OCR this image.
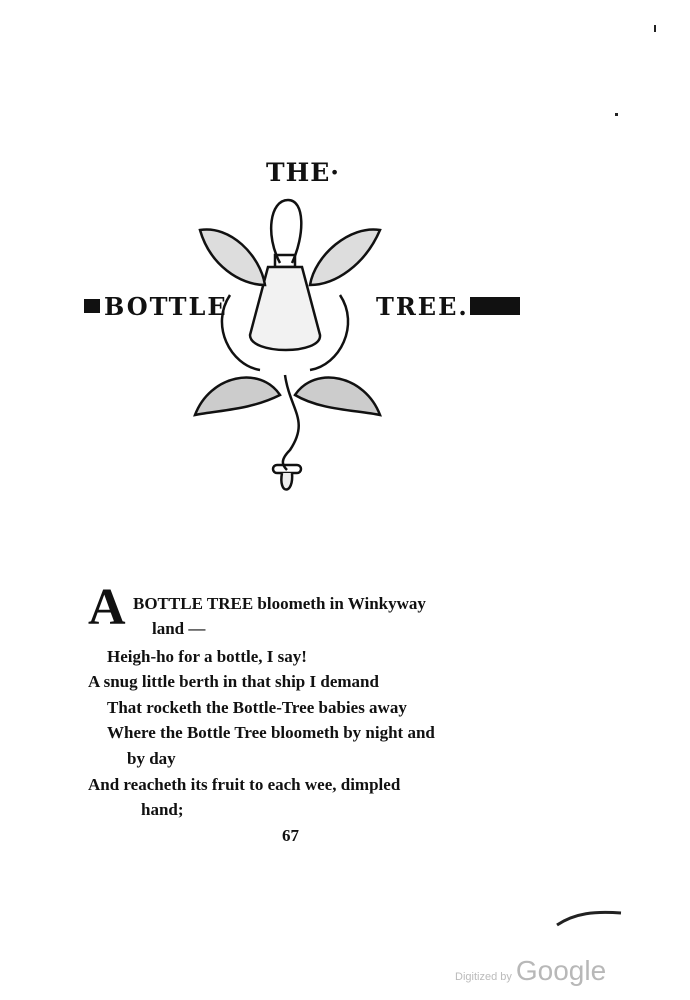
THE·
BOTTLE	TREE.
A BOTTLE TREE bloometh in Winkyway
land —
Heigh-ho for a bottle, I say!
A snug little berth in that ship I demand
That rocketh the Bottle-Tree babies away
Where the Bottle Tree bloometh by night and
by day
And reacheth its fruit to each wee, dimpled
hand;
67
Digitized by Google
